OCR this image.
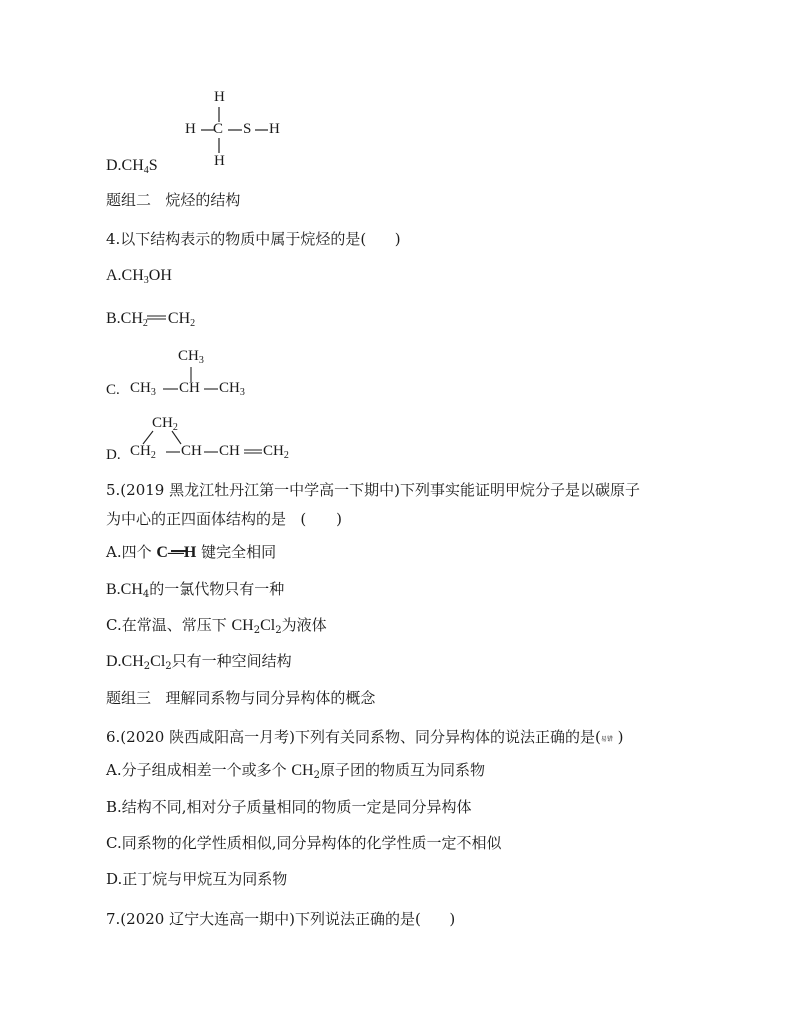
H
H C S H
H
$D.CH_4S$
题组二 烷烃的结构
4.以下结构表示的物质中属于烷烃的是( )
$A.CH_3OH$
$B.CH_2$ $CH_2$
$CH_3$
C. $CH_3$ CH $CH_3$
$CH_2$
D. $CH_2$ CH CH $CH_2$
5.(2019 黑龙江牡丹江第一中学高一下期中)下列事实能证明甲烷分子是以碳原子
为中心的正四面体结构的是 (　　)
A.四个 C—H 键完全相同
$B.CH_4$的一氯代物只有一种
C.在常温、常压下 $CH_2Cl_2$为液体
$D.CH_2Cl_2$只有一种空间结构
题组三 理解同系物与同分异构体的概念
6.(2020 陕西咸阳高一月考)下列有关同系物、同分异构体的说法正确的是(易错 )
A.分子组成相差一个或多个 $CH_2$原子团的物质互为同系物
B.结构不同,相对分子质量相同的物质一定是同分异构体
C.同系物的化学性质相似,同分异构体的化学性质一定不相似
D.正丁烷与甲烷互为同系物
7.(2020 辽宁大连高一期中)下列说法正确的是( )
